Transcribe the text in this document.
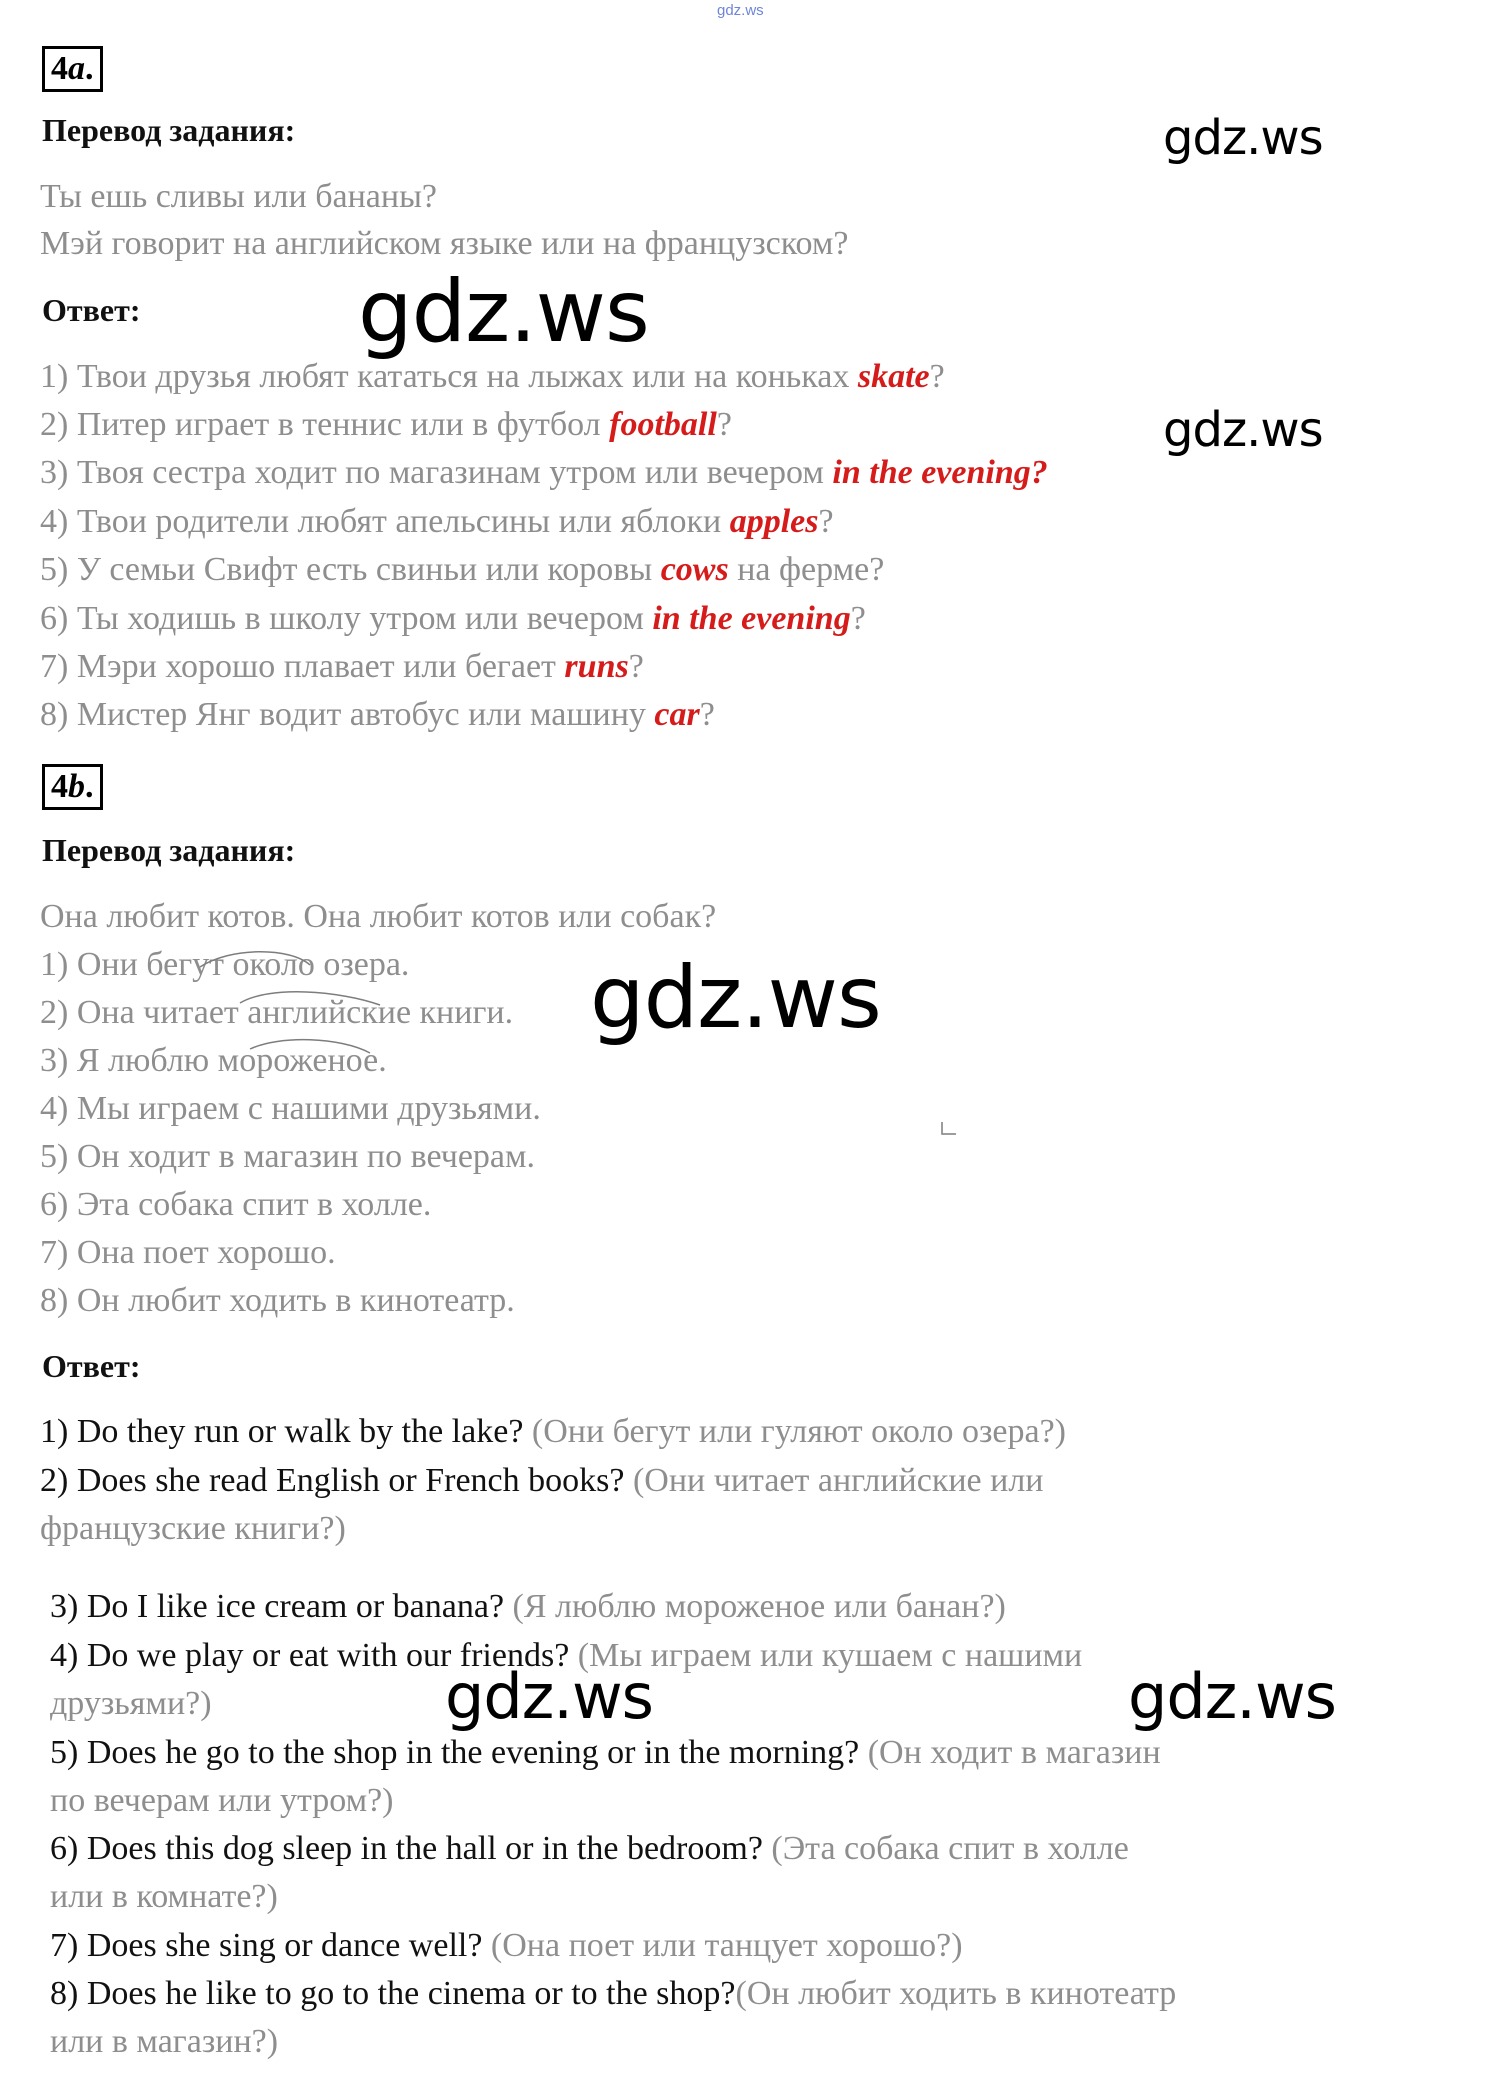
gdz.ws
4a.
Перевод задания:
Ты ешь сливы или бананы?
Мэй говорит на английском языке или на французском?
Ответ:
1) Твои друзья любят кататься на лыжах или на коньках skate?
2) Питер играет в теннис или в футбол football?
3) Твоя сестра ходит по магазинам утром или вечером in the evening?
4) Твои родители любят апельсины или яблоки apples?
5) У семьи Свифт есть свиньи или коровы cows на ферме?
6) Ты ходишь в школу утром или вечером in the evening?
7) Мэри хорошо плавает или бегает runs?
8) Мистер Янг водит автобус или машину car?
4b.
Перевод задания:
Она любит котов. Она любит котов или собак?
1) Они бегут около озера.
2) Она читает английские книги.
3) Я люблю мороженое.
4) Мы играем с нашими друзьями.
5) Он ходит в магазин по вечерам.
6) Эта собака спит в холле.
7) Она поет хорошо.
8) Он любит ходить в кинотеатр.
Ответ:
1) Do they run or walk by the lake? (Они бегут или гуляют около озера?)
2) Does she read English or French books? (Они читает английские или
французские книги?)
3) Do I like ice cream or banana? (Я люблю мороженое или банан?)
4) Do we play or eat with our friends? (Мы играем или кушаем с нашими
друзьями?)
5) Does he go to the shop in the evening or in the morning? (Он ходит в магазин
по вечерам или утром?)
6) Does this dog sleep in the hall or in the bedroom? (Эта собака спит в холле
или в комнате?)
7) Does she sing or dance well? (Она поет или танцует хорошо?)
8) Does he like to go to the cinema or to the shop?(Он любит ходить в кинотеатр
или в магазин?)
gdz.ws
gdz.ws
gdz.ws
gdz.ws
gdz.ws	gdz.ws
